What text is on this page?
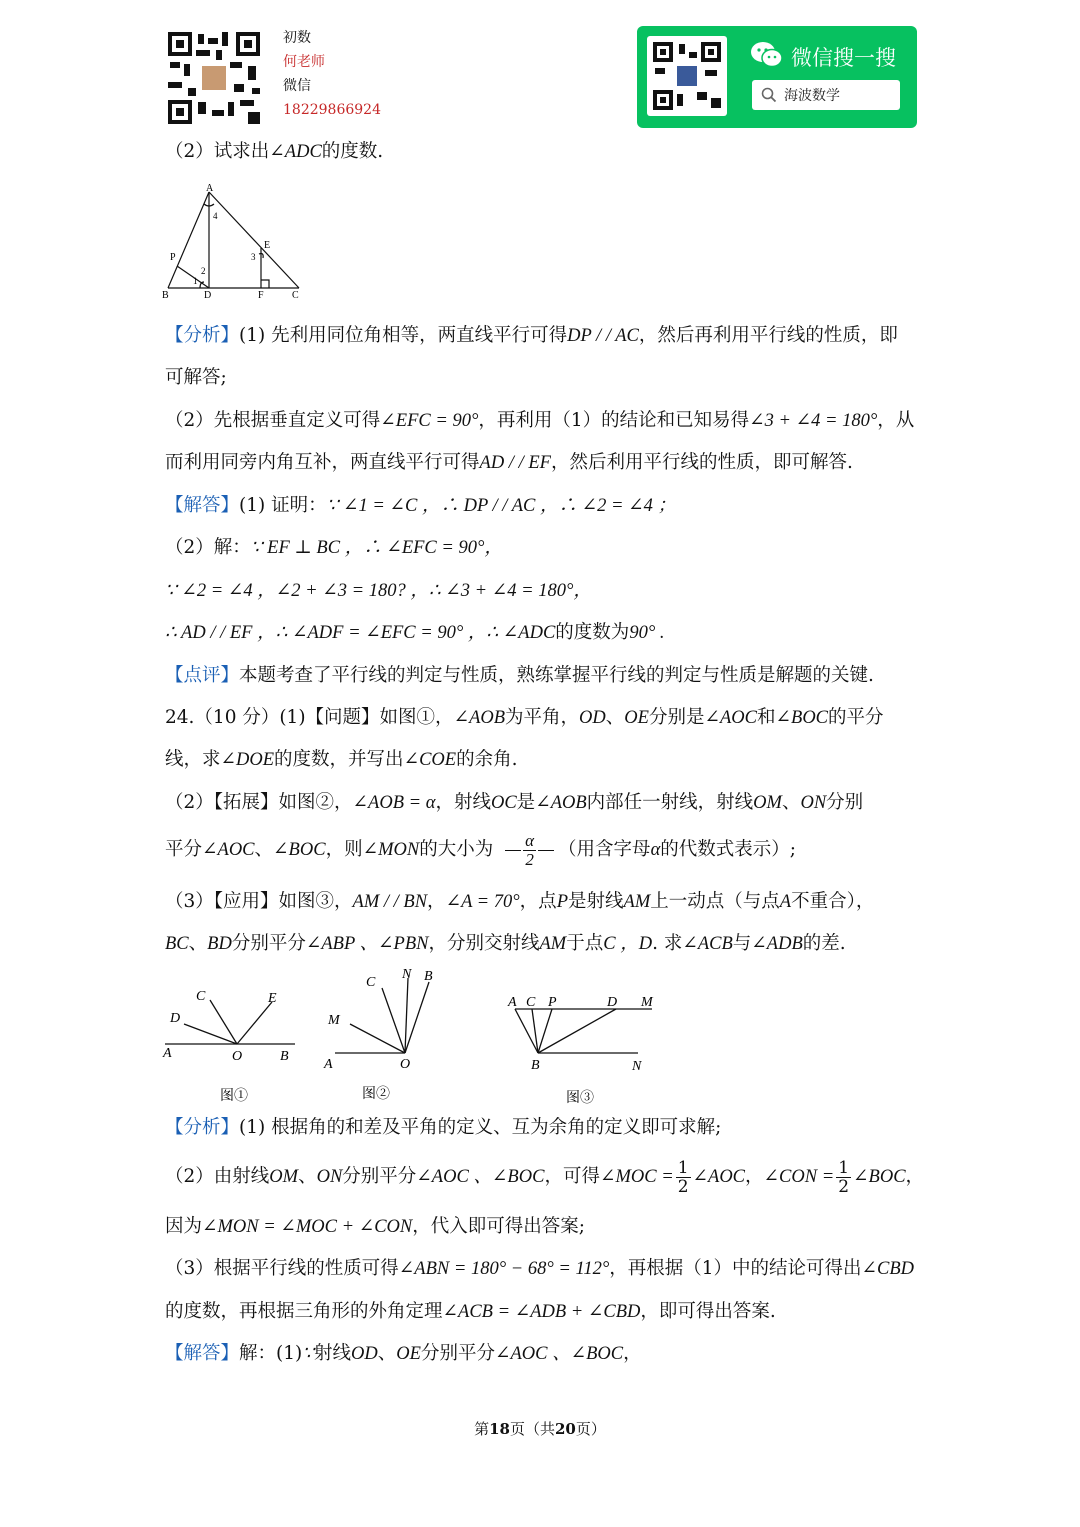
初数
何老师
微信
18229866924
微信搜一搜
海波数学
（2）试求出∠ADC的度数.
A
B	C
D
E
F
P
1
2
3
4
【分析】(1) 先利用同位角相等，两直线平行可得DP / / AC，然后再利用平行线的性质，即
可解答;
（2）先根据垂直定义可得∠EFC = 90°，再利用（1）的结论和已知易得∠3 + ∠4 = 180°，从
而利用同旁内角互补，两直线平行可得AD / / EF，然后利用平行线的性质，即可解答.
【解答】(1) 证明：∵ ∠1 = ∠C ，∴ DP / / AC ，∴ ∠2 = ∠4 ；
（2）解：∵ EF ⊥ BC ，∴ ∠EFC = 90°，
∵ ∠2 = ∠4 ，∠2 + ∠3 = 180? ，∴ ∠3 + ∠4 = 180°，
∴ AD / / EF ，∴ ∠ADF = ∠EFC = 90° ，∴ ∠ADC的度数为90° .
【点评】本题考查了平行线的判定与性质，熟练掌握平行线的判定与性质是解题的关键.
24.（10 分）(1)【问题】如图①，∠AOB为平角，OD、OE分别是∠AOC和∠BOC的平分
线，求∠DOE的度数，并写出∠COE的余角.
（2）【拓展】如图②，∠AOB = α，射线OC是∠AOB内部任一射线，射线OM、ON分别
平分∠AOC、∠BOC，则∠MON的大小为 $\frac{\alpha}{2}$ （用含字母α的代数式表示）;
（3）【应用】如图③，AM / / BN，∠A = 70°，点P是射线AM上一动点（与点A不重合），
BC、BD分别平分∠ABP 、∠PBN，分别交射线AM于点C ，D. 求∠ACB与∠ADB的差.
A	O	B
C
D
E
图①
A	O
M
C
N B
图②
A C P	D M
B	N
图③
【分析】(1) 根据角的和差及平角的定义、互为余角的定义即可求解;
（2）由射线OM、ON分别平分∠AOC 、∠BOC，可得∠MOC = $\frac{1}{2}$ ∠AOC，∠CON = $\frac{1}{2}$ ∠BOC，
因为∠MON = ∠MOC + ∠CON，代入即可得出答案;
（3）根据平行线的性质可得∠ABN = 180° − 68° = 112°，再根据（1）中的结论可得出∠CBD
的度数，再根据三角形的外角定理∠ACB = ∠ADB + ∠CBD，即可得出答案.
【解答】解：(1)∵射线OD、OE分别平分∠AOC 、∠BOC，
第18页（共20页）
